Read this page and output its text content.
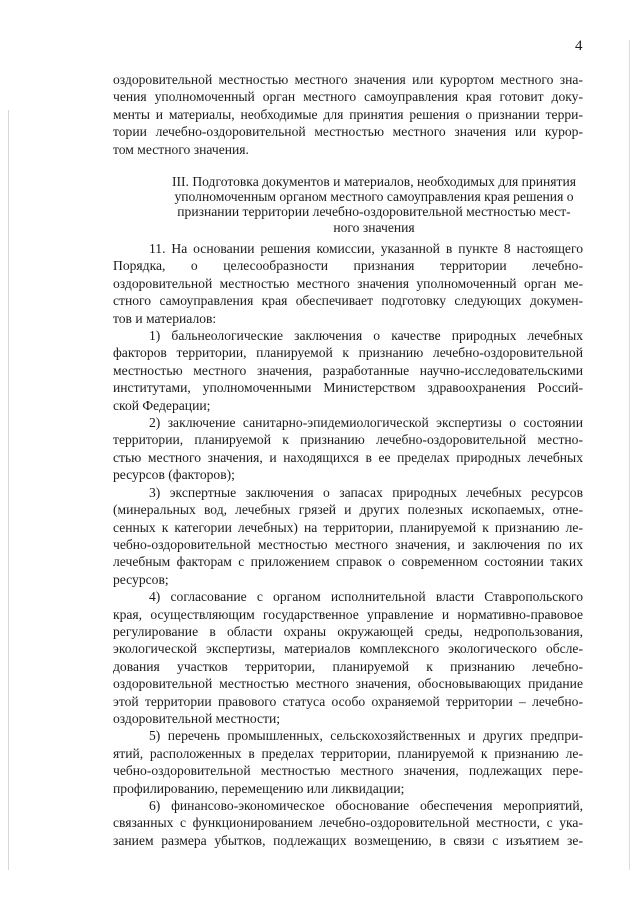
4
оздоровительной местностью местного значения или курортом местного зна-
чения уполномоченный орган местного самоуправления края готовит доку-
менты и материалы, необходимые для принятия решения о признании терри-
тории лечебно-оздоровительной местностью местного значения или курор-
том местного значения.
III. Подготовка документов и материалов, необходимых для принятия
уполномоченным органом местного самоуправления края решения о
признании территории лечебно-оздоровительной местностью мест-
ного значения
11. На основании решения комиссии, указанной в пункте 8 настоящего
Порядка, о целесообразности признания территории лечебно-
оздоровительной местностью местного значения уполномоченный орган ме-
стного самоуправления края обеспечивает подготовку следующих докумен-
тов и материалов:
1) бальнеологические заключения о качестве природных лечебных
факторов территории, планируемой к признанию лечебно-оздоровительной
местностью местного значения, разработанные научно-исследовательскими
институтами, уполномоченными Министерством здравоохранения Россий-
ской Федерации;
2) заключение санитарно-эпидемиологической экспертизы о состоянии
территории, планируемой к признанию лечебно-оздоровительной местно-
стью местного значения, и находящихся в ее пределах природных лечебных
ресурсов (факторов);
3) экспертные заключения о запасах природных лечебных ресурсов
(минеральных вод, лечебных грязей и других полезных ископаемых, отне-
сенных к категории лечебных) на территории, планируемой к признанию ле-
чебно-оздоровительной местностью местного значения, и заключения по их
лечебным факторам с приложением справок о современном состоянии таких
ресурсов;
4) согласование с органом исполнительной власти Ставропольского
края, осуществляющим государственное управление и нормативно-правовое
регулирование в области охраны окружающей среды, недропользования,
экологической экспертизы, материалов комплексного экологического обсле-
дования участков территории, планируемой к признанию лечебно-
оздоровительной местностью местного значения, обосновывающих придание
этой территории правового статуса особо охраняемой территории – лечебно-
оздоровительной местности;
5) перечень промышленных, сельскохозяйственных и других предпри-
ятий, расположенных в пределах территории, планируемой к признанию ле-
чебно-оздоровительной местностью местного значения, подлежащих пере-
профилированию, перемещению или ликвидации;
6) финансово-экономическое обоснование обеспечения мероприятий,
связанных с функционированием лечебно-оздоровительной местности, с ука-
занием размера убытков, подлежащих возмещению, в связи с изъятием зе-
